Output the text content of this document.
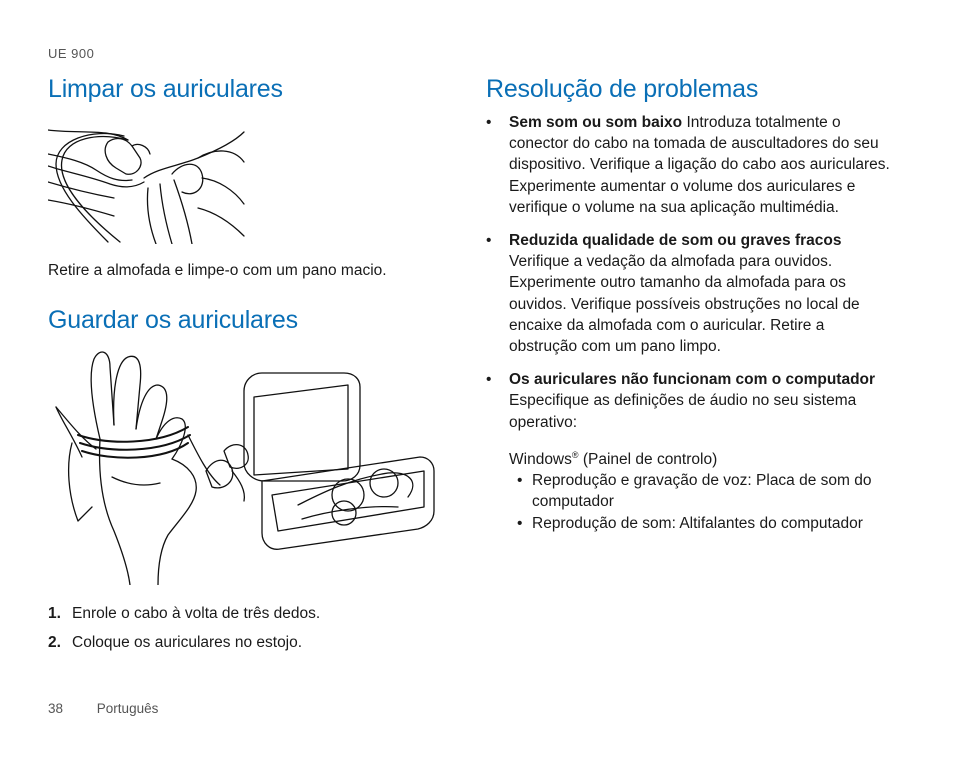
UE 900
Limpar os auriculares

Retire a almofada e limpe-o com um pano macio.

Guardar os auriculares
1. Enrole o cabo à volta de três dedos.
2. Coloque os auriculares no estojo.
Resolução de problemas
• Sem som ou som baixo Introduza totalmente o conector do cabo na tomada de auscultadores do seu dispositivo. Verifique a ligação do cabo aos auriculares. Experimente aumentar o volume dos auriculares e verifique o volume na sua aplicação multimédia.
• Reduzida qualidade de som ou graves fracos    Verifique a vedação da almofada para ouvidos. Experimente outro tamanho da almofada para os ouvidos. Verifique possíveis obstruções no local de encaixe da almofada com o auricular. Retire a obstrução com um pano limpo.
• Os auriculares não funcionam com o computador    Especifique as definições de áudio no seu sistema operativo:
Windows® (Painel de controlo)
• Reprodução e gravação de voz: Placa de som do computador
• Reprodução de som: Altifalantes do computador
38	Português
